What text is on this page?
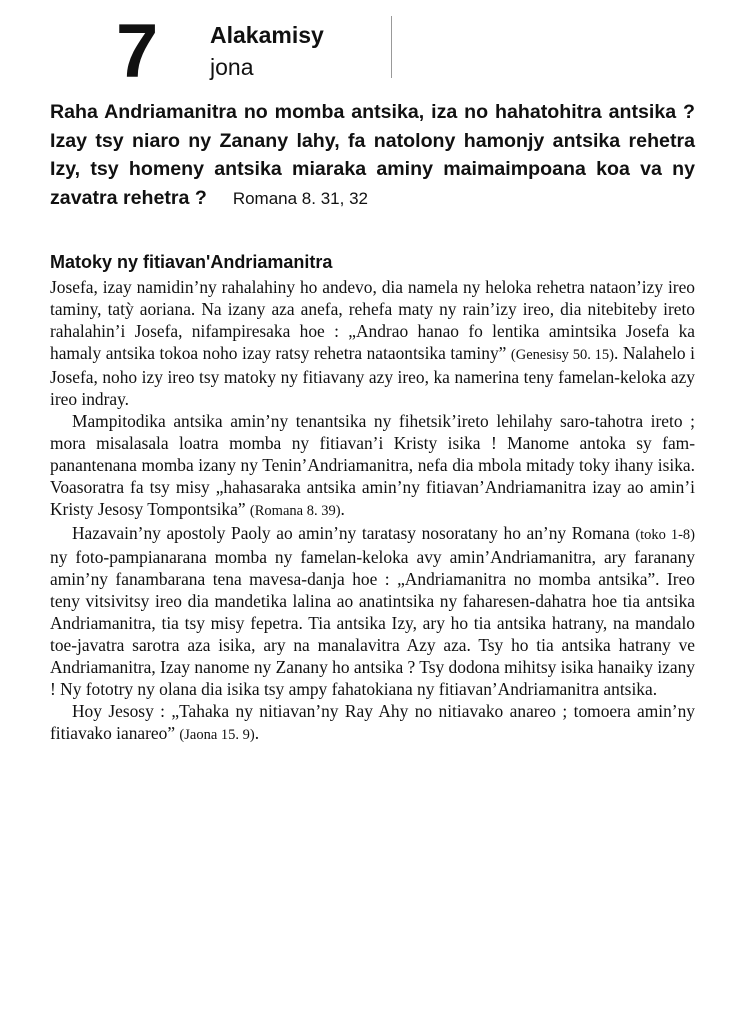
7 Alakamisy
jona
Raha Andriamanitra no momba antsika, iza no hahatohitra antsika ? Izay tsy niaro ny Zanany lahy, fa natolony hamonjy antsika rehetra Izy, tsy homeny antsika miaraka aminy maimaimpoana koa va ny zavatra rehetra ? Romana 8. 31, 32
Matoky ny fitiavan'Andriamanitra

Josefa, izay namidin’ny rahalahiny ho andevo, dia namela ny heloka rehetra nataon’izy ireo taminy, tatỳ aoriana. Na izany aza anefa, rehefa maty ny rain’izy ireo, dia nitebiteby ireto rahalahin’i Josefa, nifampiresaka hoe : „Andrao hanao fo lentika amintsika Josefa ka hamaly antsika tokoa noho izay ratsy rehetra nataontsika taminy” (Genesisy 50. 15). Nalahelo i Josefa, noho izy ireo tsy matoky ny fitiavany azy ireo, ka namerina teny famelan-keloka azy ireo indray.

Mampitodika antsika amin’ny tenantsika ny fihetsik’ireto lehilahy saro-tahotra ireto ; mora misalasala loatra momba ny fitiavan’i Kristy isika ! Manome antoka sy fampanantenana momba izany ny Tenin’Andriamanitra, nefa dia mbola mitady toky ihany isika. Voasoratra fa tsy misy „hahasaraka antsika amin’ny fitiavan’Andriamanitra izay ao amin’i Kristy Jesosy Tompontsika” (Romana 8. 39).

Hazavain’ny apostoly Paoly ao amin’ny taratasy nosoratany ho an’ny Romana (toko 1-8) ny foto-pampianarana momba ny famelan-keloka avy amin’Andriamanitra, ary faranany amin’ny fanambarana tena mavesa-danja hoe : „Andriamanitra no momba antsika”. Ireo teny vitsivitsy ireo dia mandetika lalina ao anatintsika ny faharesen-dahatra hoe tia antsika Andriamanitra, tia tsy misy fepetra. Tia antsika Izy, ary ho tia antsika hatrany, na mandalo toe-javatra sarotra aza isika, ary na manalavitra Azy aza. Tsy ho tia antsika hatrany ve Andriamanitra, Izay nanome ny Zanany ho antsika ? Tsy dodona mihitsy isika hanaiky izany ! Ny fototry ny olana dia isika tsy ampy fahatokiana ny fitiavan’Andriamanitra antsika.

Hoy Jesosy : „Tahaka ny nitiavan’ny Ray Ahy no nitiavako anareo ; tomoera amin’ny fitiavako ianareo” (Jaona 15. 9).
